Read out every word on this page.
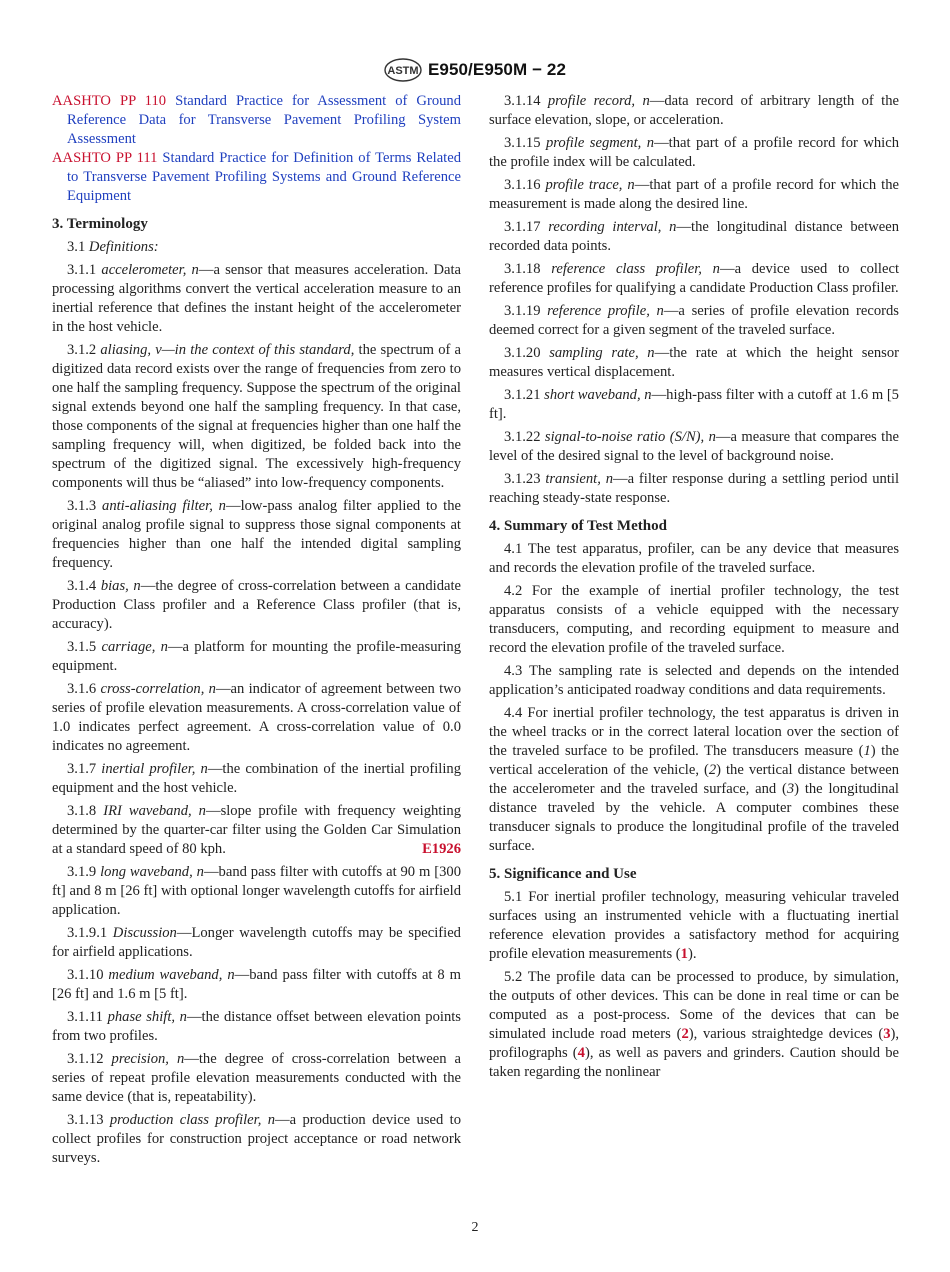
ASTM E950/E950M − 22

AASHTO PP 110 Standard Practice for Assessment of Ground Reference Data for Transverse Pavement Profiling System Assessment

AASHTO PP 111 Standard Practice for Definition of Terms Related to Transverse Pavement Profiling Systems and Ground Reference Equipment

3. Terminology

3.1 Definitions:

3.1.1 accelerometer, n—a sensor that measures acceleration. Data processing algorithms convert the vertical acceleration measure to an inertial reference that defines the instant height of the accelerometer in the host vehicle.

3.1.2 aliasing, v—in the context of this standard, the spectrum of a digitized data record exists over the range of frequencies from zero to one half the sampling frequency. Suppose the spectrum of the original signal extends beyond one half the sampling frequency. In that case, those components of the signal at frequencies higher than one half the sampling frequency will, when digitized, be folded back into the spectrum of the digitized signal. The excessively high-frequency components will thus be “aliased” into low-frequency components.

3.1.3 anti-aliasing filter, n—low-pass analog filter applied to the original analog profile signal to suppress those signal components at frequencies higher than one half the intended digital sampling frequency.

3.1.4 bias, n—the degree of cross-correlation between a candidate Production Class profiler and a Reference Class profiler (that is, accuracy).

3.1.5 carriage, n—a platform for mounting the profile-measuring equipment.

3.1.6 cross-correlation, n—an indicator of agreement between two series of profile elevation measurements. A cross-correlation value of 1.0 indicates perfect agreement. A cross-correlation value of 0.0 indicates no agreement.

3.1.7 inertial profiler, n—the combination of the inertial profiling equipment and the host vehicle.

3.1.8 IRI waveband, n—slope profile with frequency weighting determined by the quarter-car filter using the Golden Car Simulation at a standard speed of 80 kph.	E1926

3.1.9 long waveband, n—band pass filter with cutoffs at 90 m [300 ft] and 8 m [26 ft] with optional longer wavelength cutoffs for airfield application.

3.1.9.1 Discussion—Longer wavelength cutoffs may be specified for airfield applications.

3.1.10 medium waveband, n—band pass filter with cutoffs at 8 m [26 ft] and 1.6 m [5 ft].

3.1.11 phase shift, n—the distance offset between elevation points from two profiles.

3.1.12 precision, n—the degree of cross-correlation between a series of repeat profile elevation measurements conducted with the same device (that is, repeatability).

3.1.13 production class profiler, n—a production device used to collect profiles for construction project acceptance or road network surveys.

3.1.14 profile record, n—data record of arbitrary length of the surface elevation, slope, or acceleration.

3.1.15 profile segment, n—that part of a profile record for which the profile index will be calculated.

3.1.16 profile trace, n—that part of a profile record for which the measurement is made along the desired line.

3.1.17 recording interval, n—the longitudinal distance between recorded data points.

3.1.18 reference class profiler, n—a device used to collect reference profiles for qualifying a candidate Production Class profiler.

3.1.19 reference profile, n—a series of profile elevation records deemed correct for a given segment of the traveled surface.

3.1.20 sampling rate, n—the rate at which the height sensor measures vertical displacement.

3.1.21 short waveband, n—high-pass filter with a cutoff at 1.6 m [5 ft].

3.1.22 signal-to-noise ratio (S/N), n—a measure that compares the level of the desired signal to the level of background noise.

3.1.23 transient, n—a filter response during a settling period until reaching steady-state response.

4. Summary of Test Method

4.1 The test apparatus, profiler, can be any device that measures and records the elevation profile of the traveled surface.

4.2 For the example of inertial profiler technology, the test apparatus consists of a vehicle equipped with the necessary transducers, computing, and recording equipment to measure and record the elevation profile of the traveled surface.

4.3 The sampling rate is selected and depends on the intended application’s anticipated roadway conditions and data requirements.

4.4 For inertial profiler technology, the test apparatus is driven in the wheel tracks or in the correct lateral location over the section of the traveled surface to be profiled. The transducers measure (1) the vertical acceleration of the vehicle, (2) the vertical distance between the accelerometer and the traveled surface, and (3) the longitudinal distance traveled by the vehicle. A computer combines these transducer signals to produce the longitudinal profile of the traveled surface.

5. Significance and Use

5.1 For inertial profiler technology, measuring vehicular traveled surfaces using an instrumented vehicle with a fluctuating inertial reference elevation provides a satisfactory method for acquiring profile elevation measurements (1).

5.2 The profile data can be processed to produce, by simulation, the outputs of other devices. This can be done in real time or can be computed as a post-process. Some of the devices that can be simulated include road meters (2), various straightedge devices (3), profilographs (4), as well as pavers and grinders. Caution should be taken regarding the nonlinear

2
